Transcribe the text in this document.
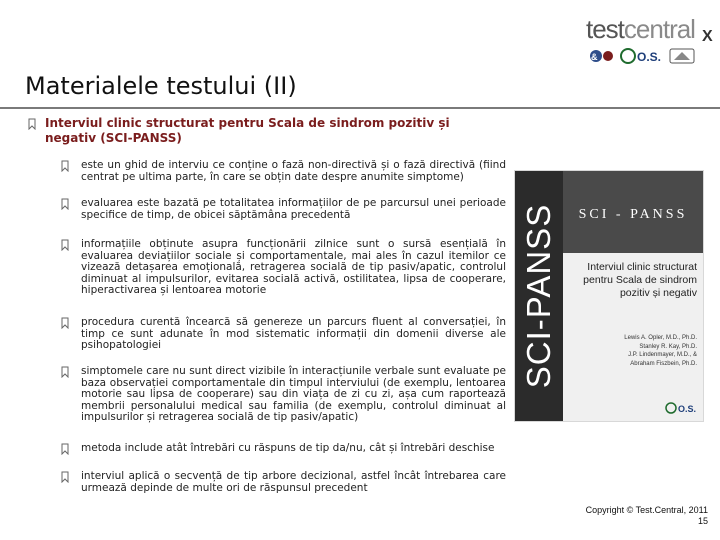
testcentral X
&	O.S.
Materialele testului (II)
Interviul clinic structurat pentru Scala de sindrom pozitiv și negativ (SCI-PANSS)
este un ghid de interviu ce conține o fază non-directivă și o fază directivă (fiind centrat pe ultima parte, în care se obțin date despre anumite simptome)
evaluarea este bazată pe totalitatea informațiilor de pe parcursul unei perioade specifice de timp, de obicei săptămâna precedentă
informațiile obținute asupra funcționării zilnice sunt o sursă esențială în evaluarea deviațiilor sociale și comportamentale, mai ales în cazul itemilor ce vizează detașarea emoțională, retragerea socială de tip pasiv/apatic, controlul diminuat al impulsurilor, evitarea socială activă, ostilitatea, lipsa de cooperare, hiperactivarea și lentoarea motorie
procedura curentă încearcă să genereze un parcurs fluent al conversației, în timp ce sunt adunate în mod sistematic informații din domenii diverse ale psihopatologiei
simptomele care nu sunt direct vizibile în interacțiunile verbale sunt evaluate pe baza observației comportamentale din timpul interviului (de exemplu, lentoarea motorie sau lipsa de cooperare) sau din viața de zi cu zi, așa cum raportează membrii personalului medical sau familia (de exemplu, controlul diminuat al impulsurilor și retragerea socială de tip pasiv/apatic)
metoda include atât întrebări cu răspuns de tip da/nu, cât și întrebări deschise
interviul aplică o secvență de tip arbore decizional, astfel încât întrebarea care urmează depinde de multe ori de răspunsul precedent
SCI-PANSS	SCI - PANSS
Interviul clinic structurat pentru Scala de sindrom pozitiv și negativ
Lewis A. Opler, M.D., Ph.D.
Stanley R. Kay, Ph.D.
J.P. Lindenmayer, M.D., &
Abraham Fiszbein, Ph.D.
O.S.
Copyright © Test.Central, 2011
15
